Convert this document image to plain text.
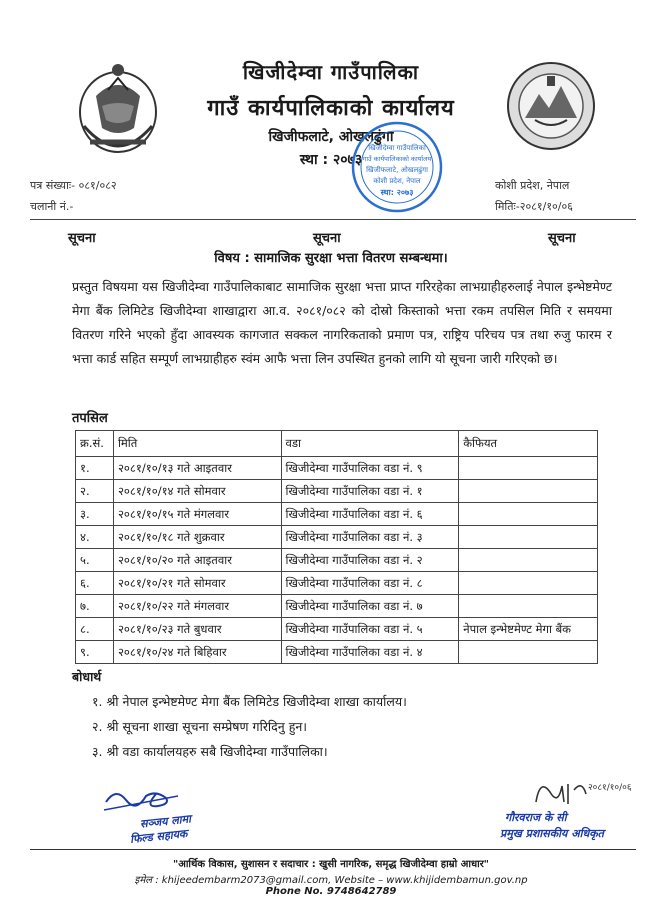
खिजीदेम्वा गाउँपालिका
गाउँ कार्यपालिकाको कार्यालय
खिजीफलाटे, ओखलढुंगा
स्था : २०७३
खिजीदेम्वा गाउँपालिका
गाउँ कार्यपालिकाको कार्यालय
खिजीफलाटे, ओखलढुंगा
कोशी प्रदेश, नेपाल
स्था: २०७३
पत्र संख्याः- ०८१/०८२
चलानी नं.-
कोशी प्रदेश, नेपाल
मितिः-२०८१/१०/०६
सूचना	सूचना	सूचना
विषय : सामाजिक सुरक्षा भत्ता वितरण सम्बन्धमा।
प्रस्तुत विषयमा यस खिजीदेम्वा गाउँपालिकाबाट सामाजिक सुरक्षा भत्ता प्राप्त गरिरहेका लाभग्राहीहरुलाई नेपाल इन्भेष्टमेण्ट मेगा बैंक लिमिटेड खिजीदेम्वा शाखाद्वारा आ.व. २०८१/०८२ को दोस्रो किस्ताको भत्ता रकम तपसिल मिति र समयमा वितरण गरिने भएको हुँदा आवस्यक कागजात सक्कल नागरिकताको प्रमाण पत्र, राष्ट्रिय परिचय पत्र तथा रुजु फारम र भत्ता कार्ड सहित सम्पूर्ण लाभग्राहीहरु स्वंम आफै भत्ता लिन उपस्थित हुनको लागि यो सूचना जारी गरिएको छ।
तपसिल
क्र.सं.	मिति	वडा	कैफियत
१.	२०८१/१०/१३ गते आइतवार	खिजीदेम्वा गाउँपालिका वडा नं. ९	
२.	२०८१/१०/१४ गते सोमवार	खिजीदेम्वा गाउँपालिका वडा नं. १	
३.	२०८१/१०/१५ गते मंगलवार	खिजीदेम्वा गाउँपालिका वडा नं. ६	
४.	२०८१/१०/१८ गते शुक्रवार	खिजीदेम्वा गाउँपालिका वडा नं. ३	
५.	२०८१/१०/२० गते आइतवार	खिजीदेम्वा गाउँपालिका वडा नं. २	
६.	२०८१/१०/२१ गते सोमवार	खिजीदेम्वा गाउँपालिका वडा नं. ८	
७.	२०८१/१०/२२ गते मंगलवार	खिजीदेम्वा गाउँपालिका वडा नं. ७	
८.	२०८१/१०/२३ गते बुधवार	खिजीदेम्वा गाउँपालिका वडा नं. ५	नेपाल इन्भेष्टमेण्ट मेगा बैंक
९.	२०८१/१०/२४ गते बिहिवार	खिजीदेम्वा गाउँपालिका वडा नं. ४	
बोधार्थ
१. श्री नेपाल इन्भेष्टमेण्ट मेगा बैंक लिमिटेड खिजीदेम्वा शाखा कार्यालय।
२. श्री सूचना शाखा सूचना सम्प्रेषण गरिदिनु हुन।
३. श्री वडा कार्यालयहरु सबै खिजीदेम्वा गाउँपालिका।
सञ्जय लामा
फिल्ड सहायक
२०८१/१०/०६
गौरवराज के सी
प्रमुख प्रशासकीय अधिकृत
"आर्थिक विकास, सुशासन र सदाचार : खुसी नागरिक, समृद्ध खिजीदेम्वा हाम्रो आधार"
इमेल : khijeedembarm2073@gmail.com, Website – www.khijidembamun.gov.np
Phone No. 9748642789
